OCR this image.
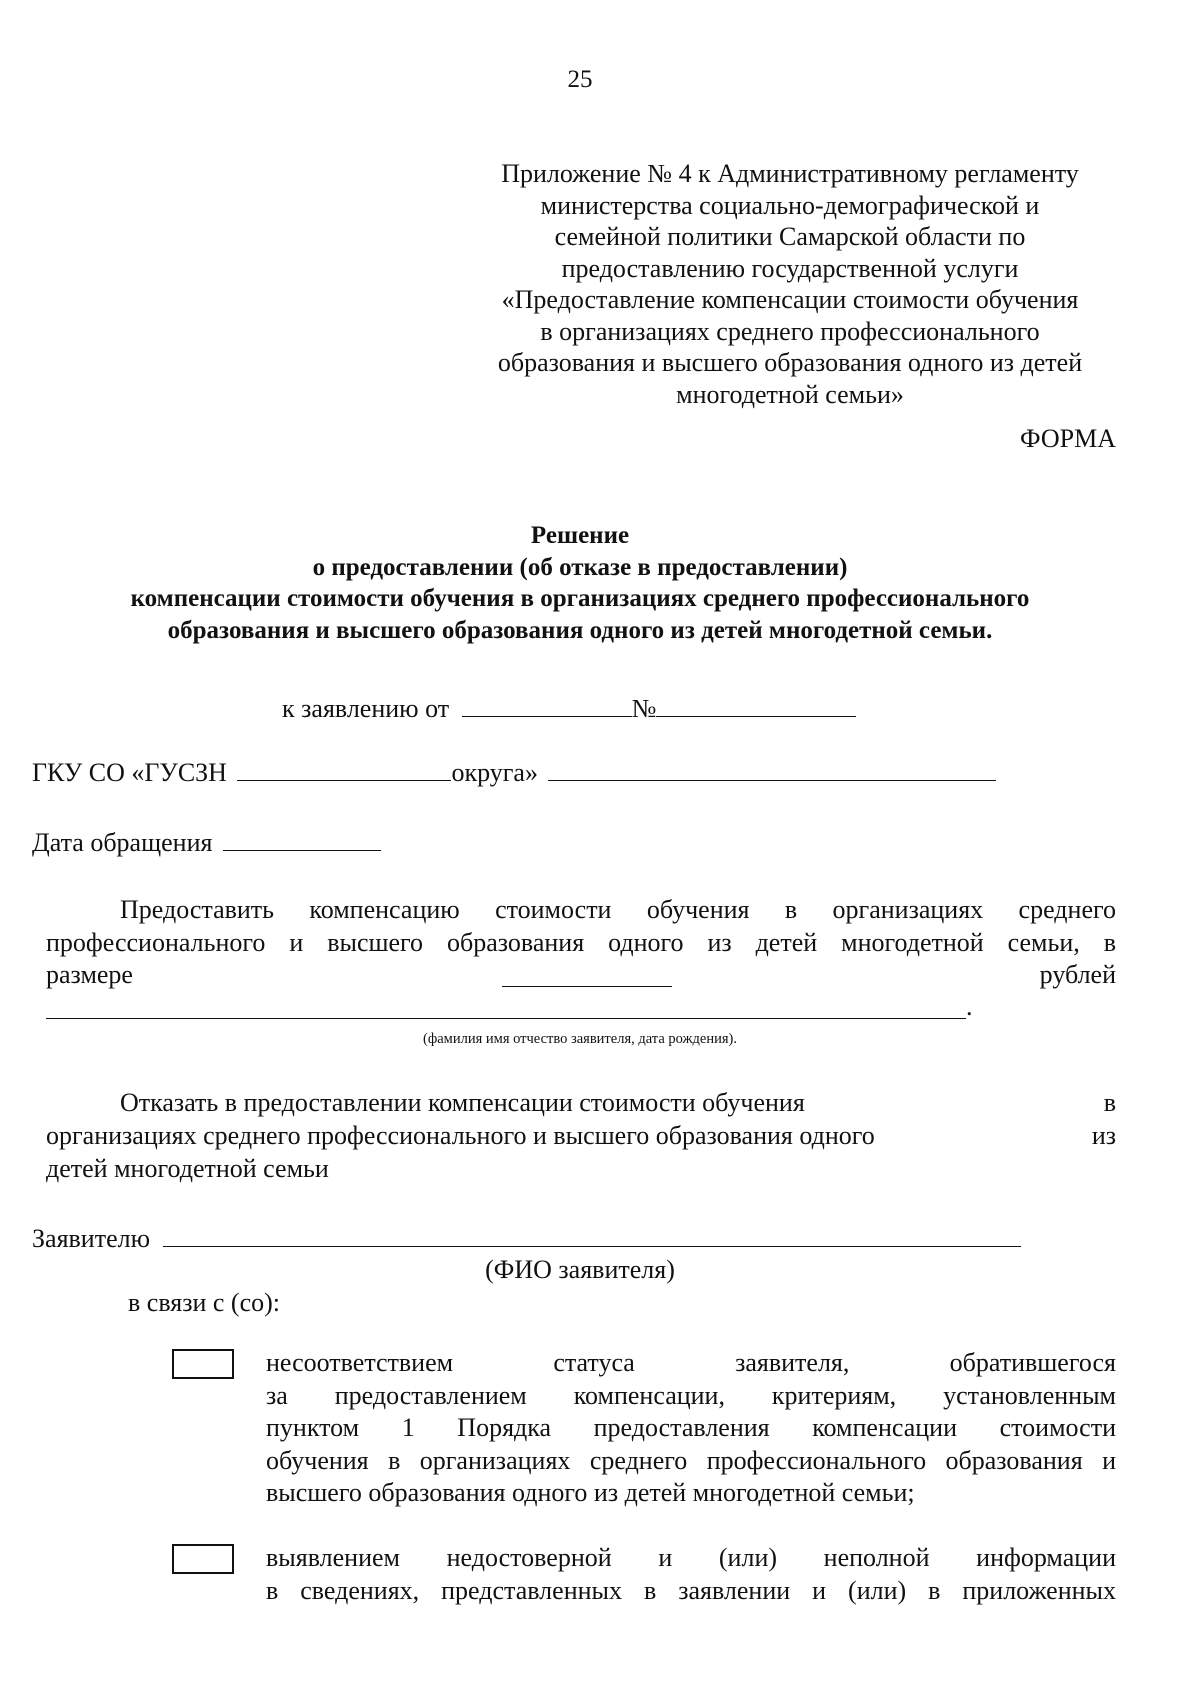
25
Приложение № 4 к Административному регламенту
министерства социально-демографической и
семейной политики Самарской области по
предоставлению государственной услуги
«Предоставление компенсации стоимости обучения
в организациях среднего профессионального
образования и высшего образования одного из детей
многодетной семьи»
ФОРМА
Решение
о предоставлении (об отказе в предоставлении)
компенсации стоимости обучения в организациях среднего профессионального
образования и высшего образования одного из детей многодетной семьи.
к заявлению от	№
ГКУ СО «ГУСЗН	округа»
Дата обращения
Предоставить компенсацию стоимости обучения в организациях среднего
профессионального и высшего образования одного из детей многодетной семьи, в
размере	рублей
.
(фамилия имя отчество заявителя, дата рождения).
Отказать в предоставлении компенсации стоимости обучения	в
организациях среднего профессионального и высшего образования одного	из
детей многодетной семьи
Заявителю
(ФИО заявителя)
в связи с (со):
несоответствием статуса заявителя, обратившегося
за предоставлением компенсации, критериям, установленным
пунктом 1 Порядка предоставления компенсации стоимости
обучения в организациях среднего профессионального образования и
высшего образования одного из детей многодетной семьи;
выявлением недостоверной и (или) неполной информации
в сведениях, представленных в заявлении и (или) в приложенных
